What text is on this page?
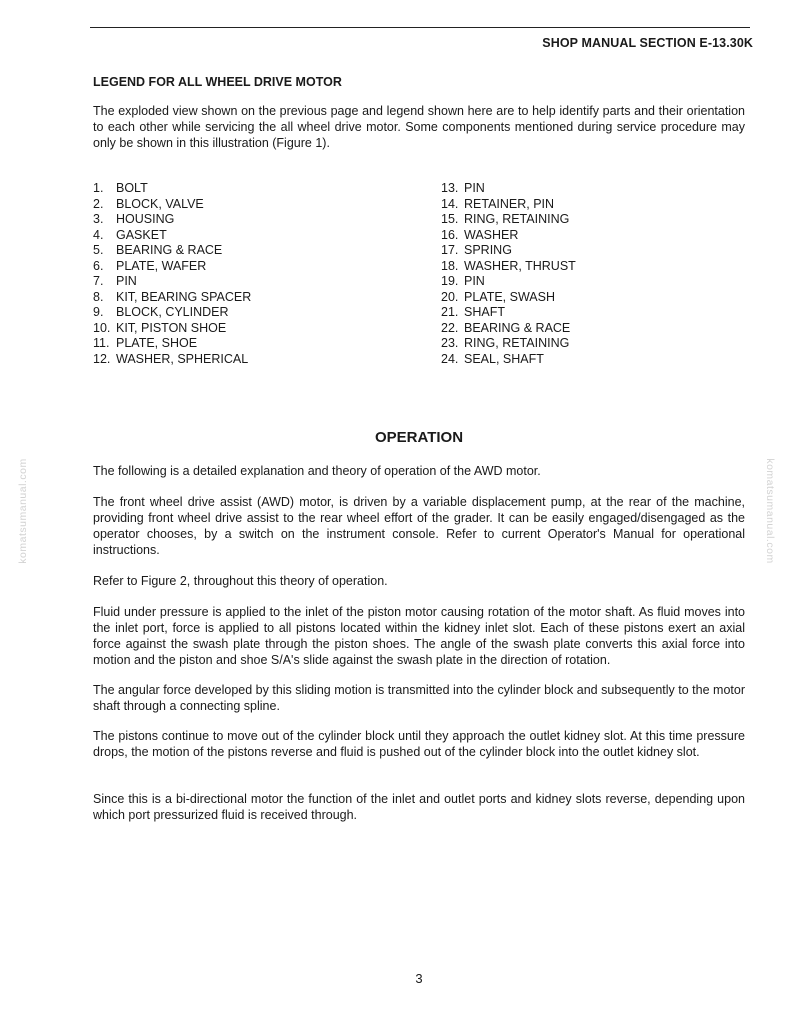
SHOP MANUAL SECTION E-13.30K
LEGEND FOR ALL WHEEL DRIVE MOTOR

The exploded view shown on the previous page and legend shown here are to help identify parts and their orientation to each other while servicing the all wheel drive motor. Some components mentioned during service procedure may only be shown in this illustration (Figure 1).

1. BOLT
2. BLOCK, VALVE
3. HOUSING
4. GASKET
5. BEARING & RACE
6. PLATE, WAFER
7. PIN
8. KIT, BEARING SPACER
9. BLOCK, CYLINDER
10. KIT, PISTON SHOE
11. PLATE, SHOE
12. WASHER, SPHERICAL
13. PIN
14. RETAINER, PIN
15. RING, RETAINING
16. WASHER
17. SPRING
18. WASHER, THRUST
19. PIN
20. PLATE, SWASH
21. SHAFT
22. BEARING & RACE
23. RING, RETAINING
24. SEAL, SHAFT
OPERATION

The following is a detailed explanation and theory of operation of the AWD motor.

The front wheel drive assist (AWD) motor, is driven by a variable displacement pump, at the rear of the machine, providing front wheel drive assist to the rear wheel effort of the grader. It can be easily engaged/disengaged as the operator chooses, by a switch on the instrument console. Refer to current Operator's Manual for operational instructions.

Refer to Figure 2, throughout this theory of operation.

Fluid under pressure is applied to the inlet of the piston motor causing rotation of the motor shaft. As fluid moves into the inlet port, force is applied to all pistons located within the kidney inlet slot. Each of these pistons exert an axial force against the swash plate through the piston shoes. The angle of the swash plate converts this axial force into motion and the piston and shoe S/A's slide against the swash plate in the direction of rotation.

The angular force developed by this sliding motion is transmitted into the cylinder block and subsequently to the motor shaft through a connecting spline.

The pistons continue to move out of the cylinder block until they approach the outlet kidney slot. At this time pressure drops, the motion of the pistons reverse and fluid is pushed out of the cylinder block into the outlet kidney slot.

Since this is a bi-directional motor the function of the inlet and outlet ports and kidney slots reverse, depending upon which port pressurized fluid is received through.

komatsumanual.com	komatsumanual.com
3
